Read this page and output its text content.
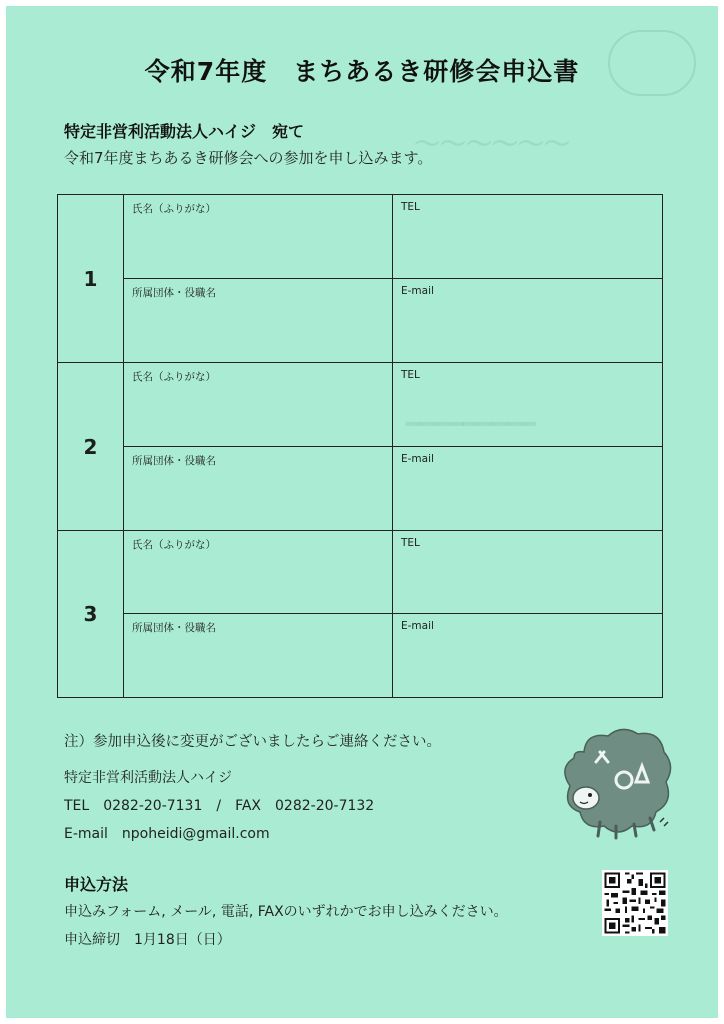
〜〜〜〜〜〜
━━━━━━━━━
令和7年度　まちあるき研修会申込書
特定非営利活動法人ハイジ　宛て
令和7年度まちあるき研修会への参加を申し込みます。
1	氏名（ふりがな）	TEL

	所属団体・役職名	E-mail

2	氏名（ふりがな）	TEL

	所属団体・役職名	E-mail

3	氏名（ふりがな）	TEL

	所属団体・役職名	E-mail
注）参加申込後に変更がございましたらご連絡ください。
特定非営利活動法人ハイジ
TEL　0282-20-7131　/　FAX　0282-20-7132
E-mail　npoheidi@gmail.com
申込方法
申込みフォーム, メール, 電話, FAXのいずれかでお申し込みください。
申込締切　1月18日（日）
